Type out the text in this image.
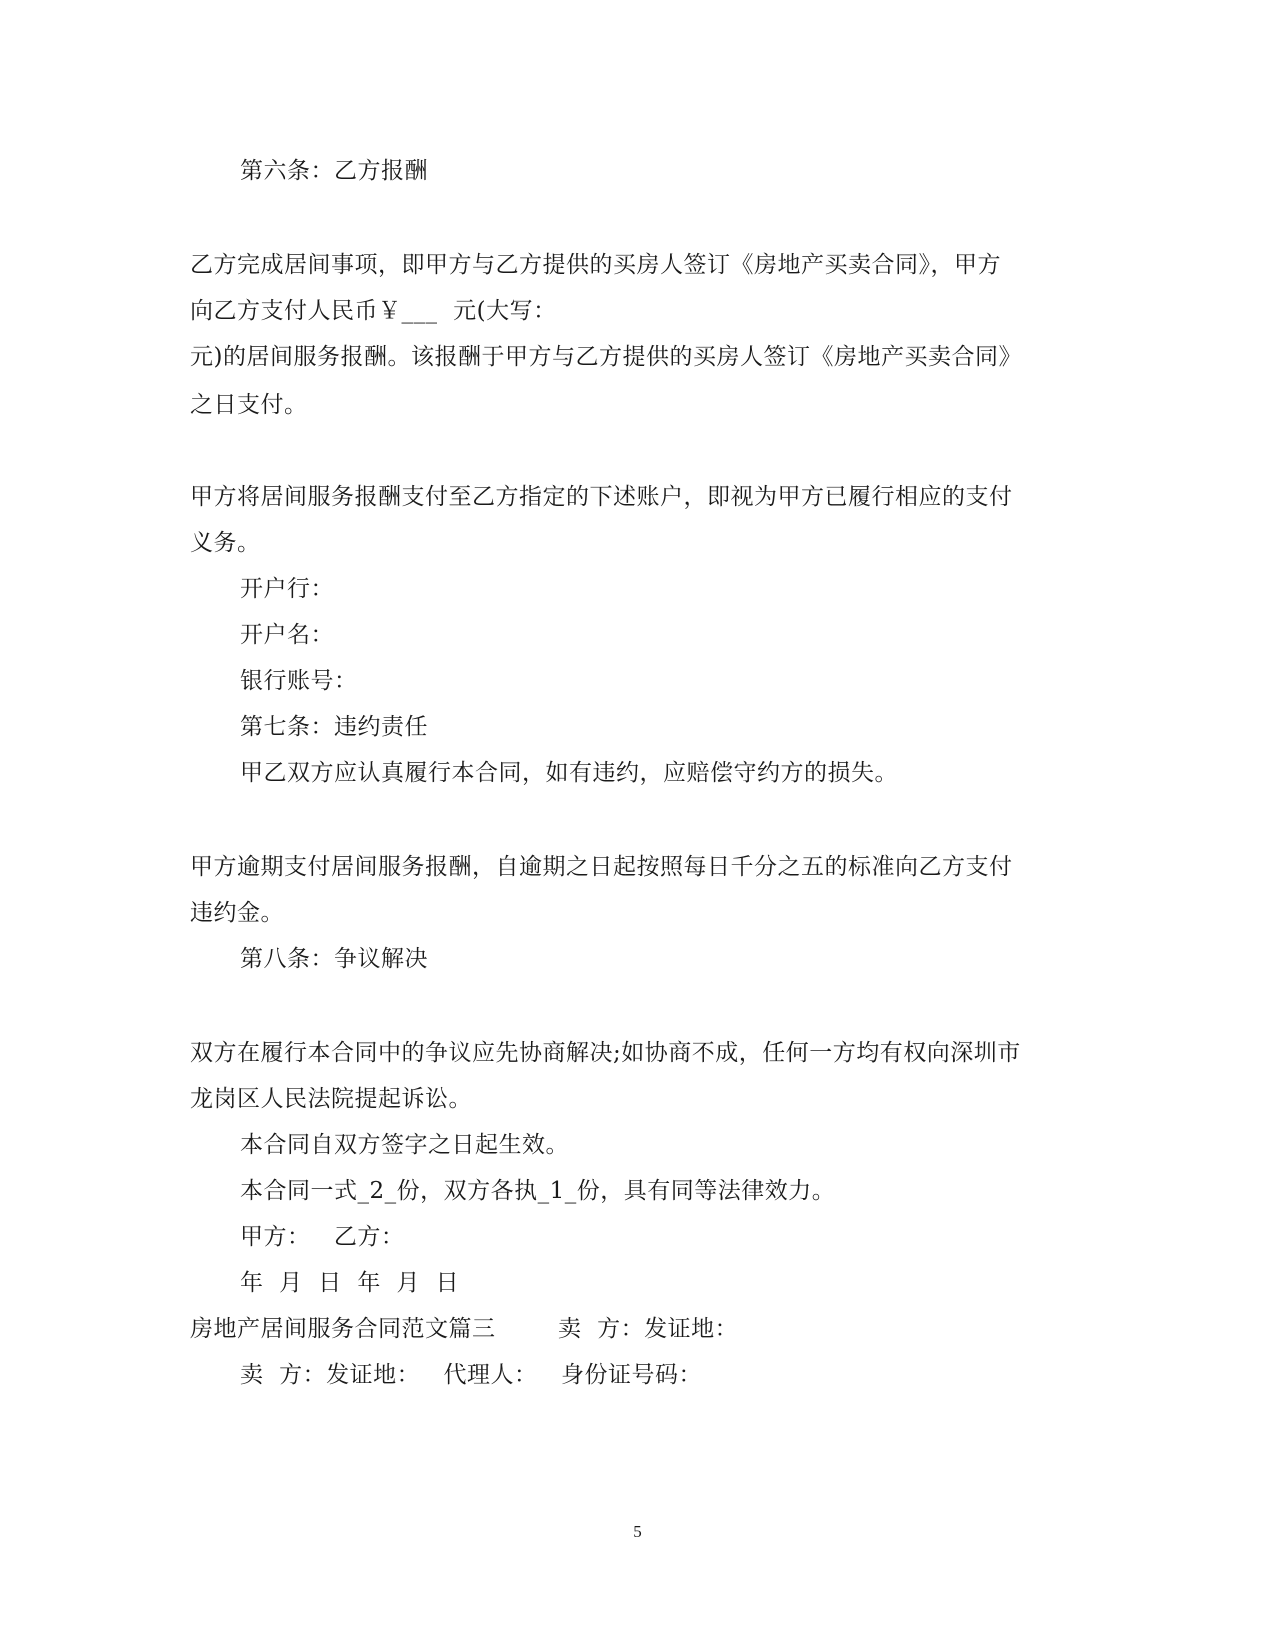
第六条：乙方报酬
乙方完成居间事项，即甲方与乙方提供的买房人签订《房地产买卖合同》，甲方
向乙方支付人民币￥___  元(大写：
元)的居间服务报酬。该报酬于甲方与乙方提供的买房人签订《房地产买卖合同》
之日支付。
甲方将居间服务报酬支付至乙方指定的下述账户，即视为甲方已履行相应的支付
义务。
开户行：
开户名：
银行账号：
第七条：违约责任
甲乙双方应认真履行本合同，如有违约，应赔偿守约方的损失。
甲方逾期支付居间服务报酬，自逾期之日起按照每日千分之五的标准向乙方支付
违约金。
第八条：争议解决
双方在履行本合同中的争议应先协商解决;如协商不成，任何一方均有权向深圳市
龙岗区人民法院提起诉讼。
本合同自双方签字之日起生效。
本合同一式_2_份，双方各执_1_份，具有同等法律效力。
甲方：   乙方：
年  月  日  年  月  日
房地产居间服务合同范文篇三        卖  方：发证地：
卖  方：发证地：   代理人：   身份证号码：
5
